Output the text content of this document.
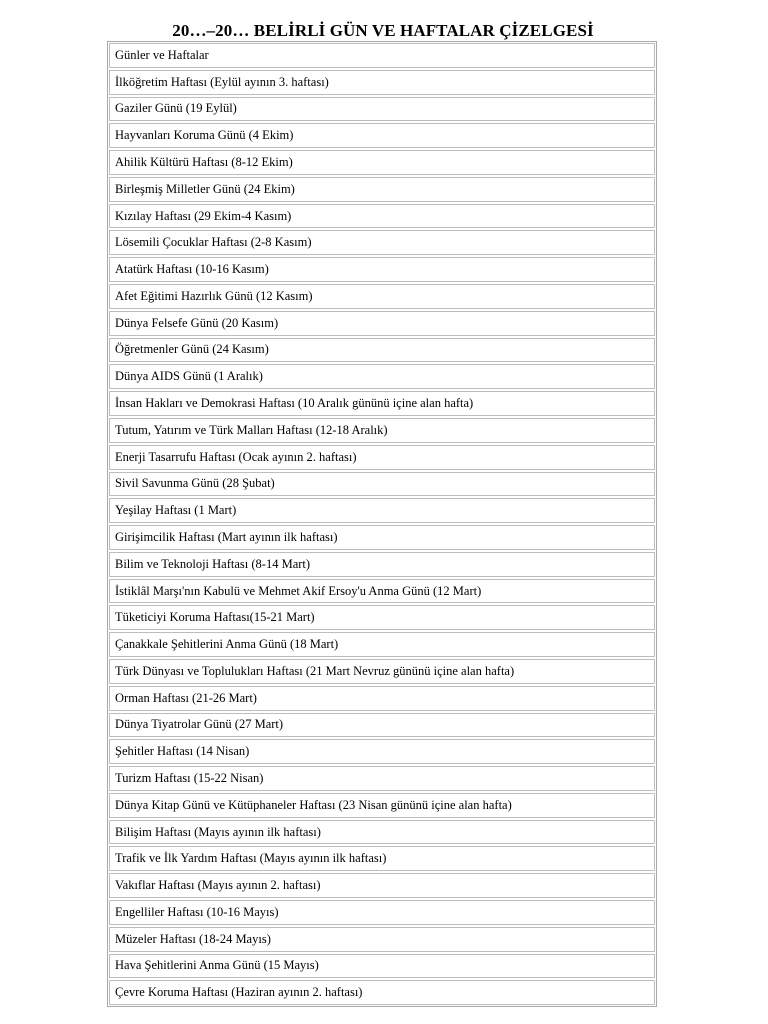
20…–20… BELİRLİ GÜN VE HAFTALAR ÇİZELGESİ
Günler ve Haftalar
İlköğretim Haftası (Eylül ayının 3. haftası)
Gaziler Günü (19 Eylül)
Hayvanları Koruma Günü (4 Ekim)
Ahilik Kültürü Haftası (8-12 Ekim)
Birleşmiş Milletler Günü (24 Ekim)
Kızılay Haftası (29 Ekim-4 Kasım)
Lösemili Çocuklar Haftası (2-8 Kasım)
Atatürk Haftası (10-16 Kasım)
Afet Eğitimi Hazırlık Günü (12 Kasım)
Dünya Felsefe Günü (20 Kasım)
Öğretmenler Günü (24 Kasım)
Dünya AIDS Günü (1 Aralık)
İnsan Hakları ve Demokrasi Haftası (10 Aralık gününü içine alan hafta)
Tutum, Yatırım ve Türk Malları Haftası (12-18 Aralık)
Enerji Tasarrufu Haftası (Ocak ayının 2. haftası)
Sivil Savunma Günü (28 Şubat)
Yeşilay Haftası (1 Mart)
Girişimcilik Haftası (Mart ayının ilk haftası)
Bilim ve Teknoloji Haftası (8-14 Mart)
İstiklâl Marşı'nın Kabulü ve Mehmet Akif Ersoy'u Anma Günü (12 Mart)
Tüketiciyi Koruma Haftası(15-21 Mart)
Çanakkale Şehitlerini Anma Günü (18 Mart)
Türk Dünyası ve Toplulukları Haftası (21 Mart Nevruz gününü içine alan hafta)
Orman Haftası (21-26 Mart)
Dünya Tiyatrolar Günü (27 Mart)
Şehitler Haftası (14 Nisan)
Turizm Haftası (15-22 Nisan)
Dünya Kitap Günü ve Kütüphaneler Haftası (23 Nisan gününü içine alan hafta)
Bilişim Haftası (Mayıs ayının ilk haftası)
Trafik ve İlk Yardım Haftası (Mayıs ayının ilk haftası)
Vakıflar Haftası (Mayıs ayının 2. haftası)
Engelliler Haftası (10-16 Mayıs)
Müzeler Haftası (18-24 Mayıs)
Hava Şehitlerini Anma Günü (15 Mayıs)
Çevre Koruma Haftası (Haziran ayının 2. haftası)
